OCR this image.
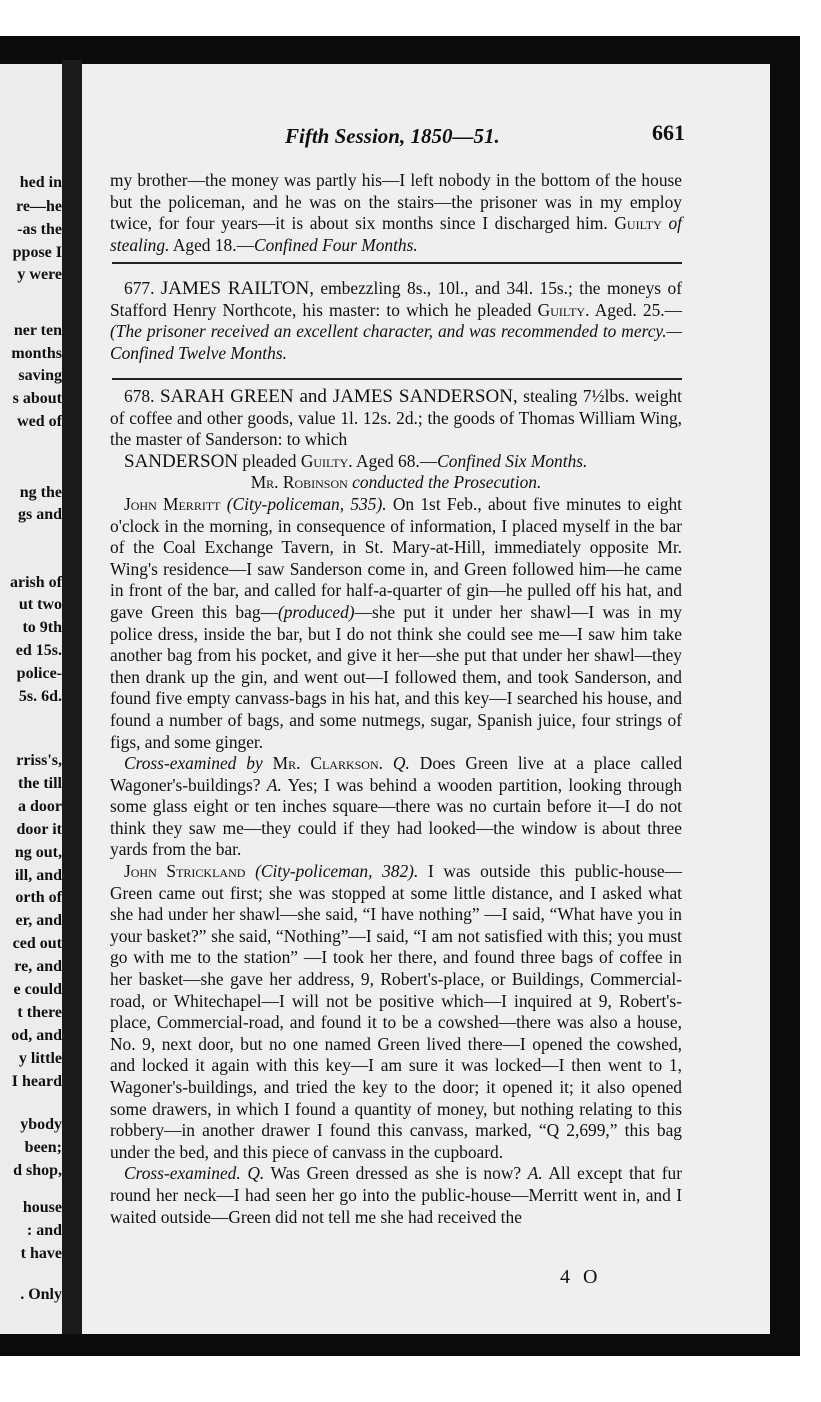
hed in
re—he
-as the
ppose I
y were
ner ten
months
saving
s about
wed of
ng the
gs and
arish of
ut two
to 9th
ed 15s.
police-
5s. 6d.
rriss's,
the till
a door
door it
ng out,
ill, and
orth of
er, and
ced out
re, and
e could
t there
od, and
y little
I heard
ybody
been;
d shop,
house
: and
t have
. Only
Fifth Session, 1850—51.	661

my brother—the money was partly his—I left nobody in the bottom of the house but the policeman, and he was on the stairs—the prisoner was in my employ twice, for four years—it is about six months since I discharged him. Guilty of stealing. Aged 18.—Confined Four Months.

677. JAMES RAILTON, embezzling 8s., 10l., and 34l. 15s.; the moneys of Stafford Henry Northcote, his master: to which he pleaded Guilty. Aged. 25.—(The prisoner received an excellent character, and was recommended to mercy.—Confined Twelve Months.

678. SARAH GREEN and JAMES SANDERSON, stealing 7½lbs. weight of coffee and other goods, value 1l. 12s. 2d.; the goods of Thomas William Wing, the master of Sanderson: to which

SANDERSON pleaded Guilty. Aged 68.—Confined Six Months.

Mr. Robinson conducted the Prosecution.

John Merritt (City-policeman, 535). On 1st Feb., about five minutes to eight o'clock in the morning, in consequence of information, I placed myself in the bar of the Coal Exchange Tavern, in St. Mary-at-Hill, immediately opposite Mr. Wing's residence—I saw Sanderson come in, and Green followed him—he came in front of the bar, and called for half-a-quarter of gin—he pulled off his hat, and gave Green this bag—(produced)—she put it under her shawl—I was in my police dress, inside the bar, but I do not think she could see me—I saw him take another bag from his pocket, and give it her—she put that under her shawl—they then drank up the gin, and went out—I followed them, and took Sanderson, and found five empty canvass-bags in his hat, and this key—I searched his house, and found a number of bags, and some nutmegs, sugar, Spanish juice, four strings of figs, and some ginger.

Cross-examined by Mr. Clarkson. Q. Does Green live at a place called Wagoner's-buildings? A. Yes; I was behind a wooden partition, looking through some glass eight or ten inches square—there was no curtain before it—I do not think they saw me—they could if they had looked—the window is about three yards from the bar.

John Strickland (City-policeman, 382). I was outside this public-house—Green came out first; she was stopped at some little distance, and I asked what she had under her shawl—she said, “I have nothing” —I said, “What have you in your basket?” she said, “Nothing”—I said, “I am not satisfied with this; you must go with me to the station” —I took her there, and found three bags of coffee in her basket—she gave her address, 9, Robert's-place, or Buildings, Commercial-road, or Whitechapel—I will not be positive which—I inquired at 9, Robert's-place, Commercial-road, and found it to be a cowshed—there was also a house, No. 9, next door, but no one named Green lived there—I opened the cowshed, and locked it again with this key—I am sure it was locked—I then went to 1, Wagoner's-buildings, and tried the key to the door; it opened it; it also opened some drawers, in which I found a quantity of money, but nothing relating to this robbery—in another drawer I found this canvass, marked, “Q 2,699,” this bag under the bed, and this piece of canvass in the cupboard.

Cross-examined. Q. Was Green dressed as she is now? A. All except that fur round her neck—I had seen her go into the public-house—Merritt went in, and I waited outside—Green did not tell me she had received the

4 O
